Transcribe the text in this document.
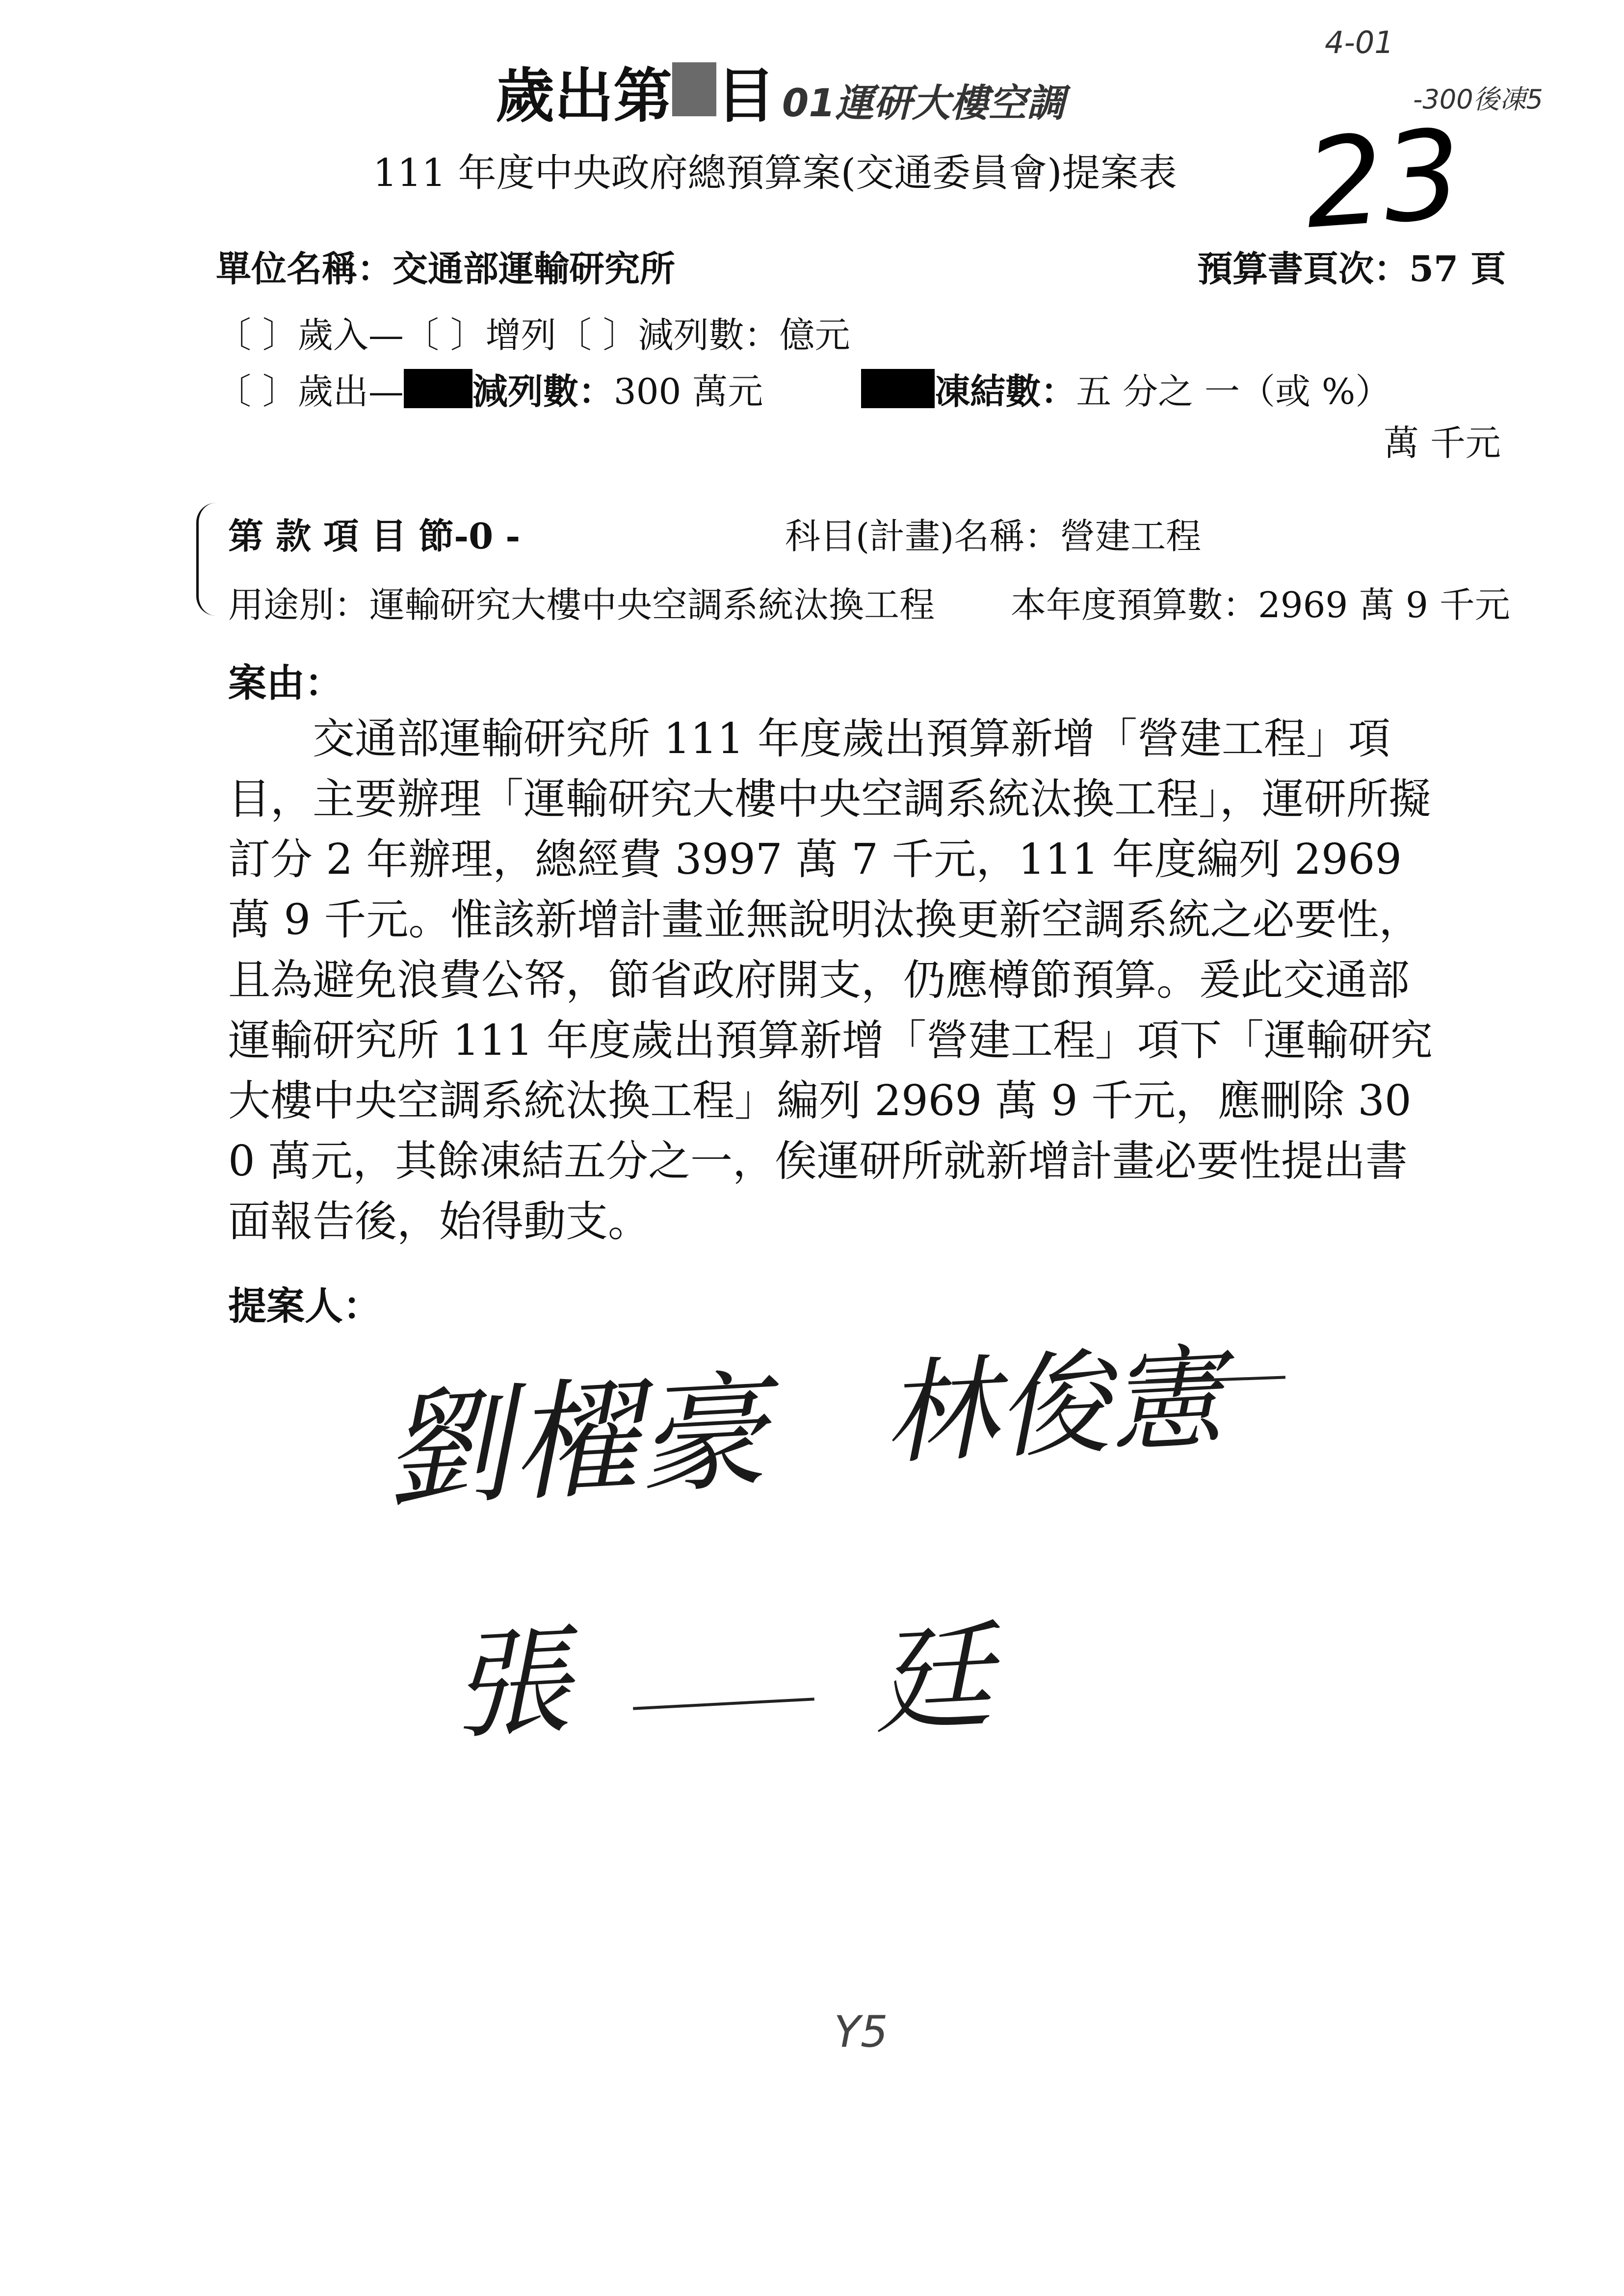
4-01
-300後凍5
歲出第 目 01運研大樓空調
111 年度中央政府總預算案(交通委員會)提案表 23
單位名稱：交通部運輸研究所	預算書頁次：57 頁
〔 〕歲入—〔 〕增列〔 〕減列數：億元
〔 〕歲出— 減列數： 300 萬元	凍結數： 五 分之 一（或 %）
萬 千元
第 款 項 目 節-0 -	科目(計畫)名稱：營建工程
用途別：運輸研究大樓中央空調系統汰換工程 本年度預算數：2969 萬 9 千元
案由：

交通部運輸研究所 111 年度歲出預算新增「營建工程」項目，主要辦理「運輸研究大樓中央空調系統汰換工程」，運研所擬訂分 2 年辦理，總經費 3997 萬 7 千元，111 年度編列 2969 萬 9 千元。惟該新增計畫並無說明汰換更新空調系統之必要性，且為避免浪費公帑，節省政府開支，仍應樽節預算。爰此交通部運輸研究所 111 年度歲出預算新增「營建工程」項下「運輸研究大樓中央空調系統汰換工程」編列 2969 萬 9 千元，應刪除 300 萬元，其餘凍結五分之一，俟運研所就新增計畫必要性提出書面報告後，始得動支。

提案人：
劉櫂豪 林俊憲
張	廷
Y5
